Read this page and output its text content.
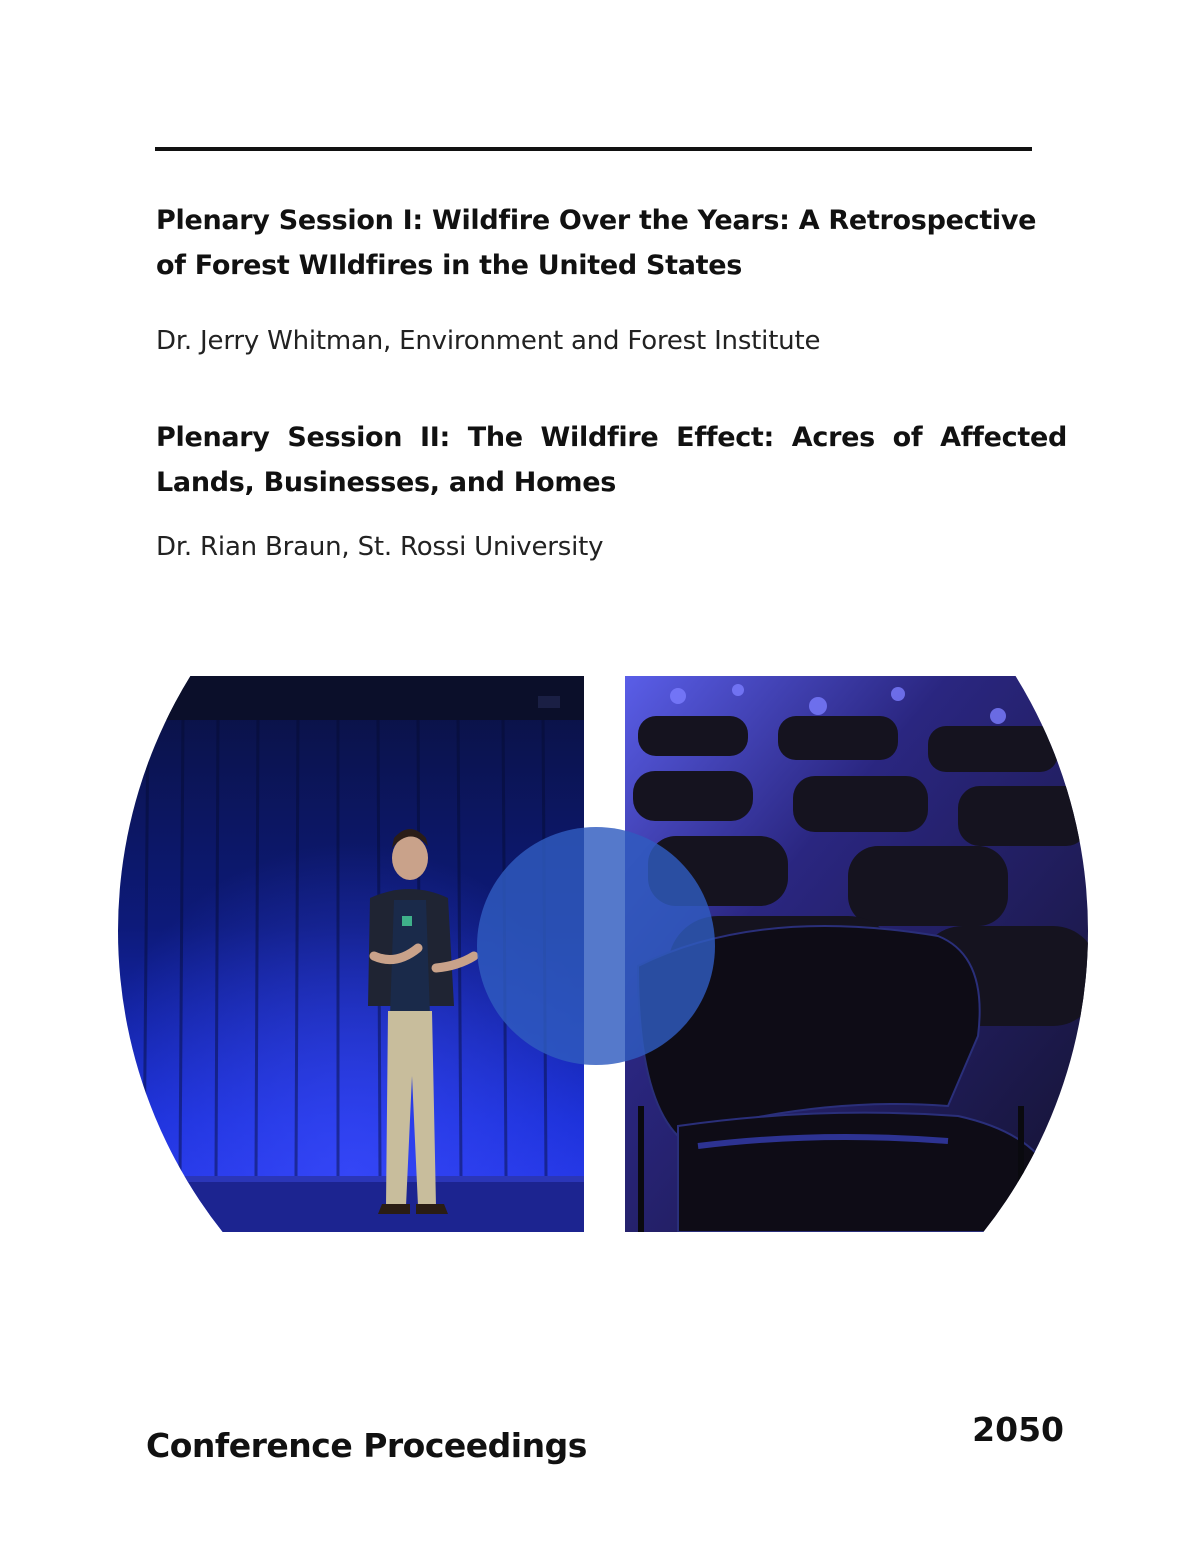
Plenary Session I: Wildfire Over the Years: A Retrospective of Forest WIldfires in the United States

Dr. Jerry Whitman, Environment and Forest Institute

Plenary Session II: The Wildfire Effect: Acres of Affected Lands, Businesses, and Homes

Dr. Rian Braun, St. Rossi University

Conference Proceedings	2050
